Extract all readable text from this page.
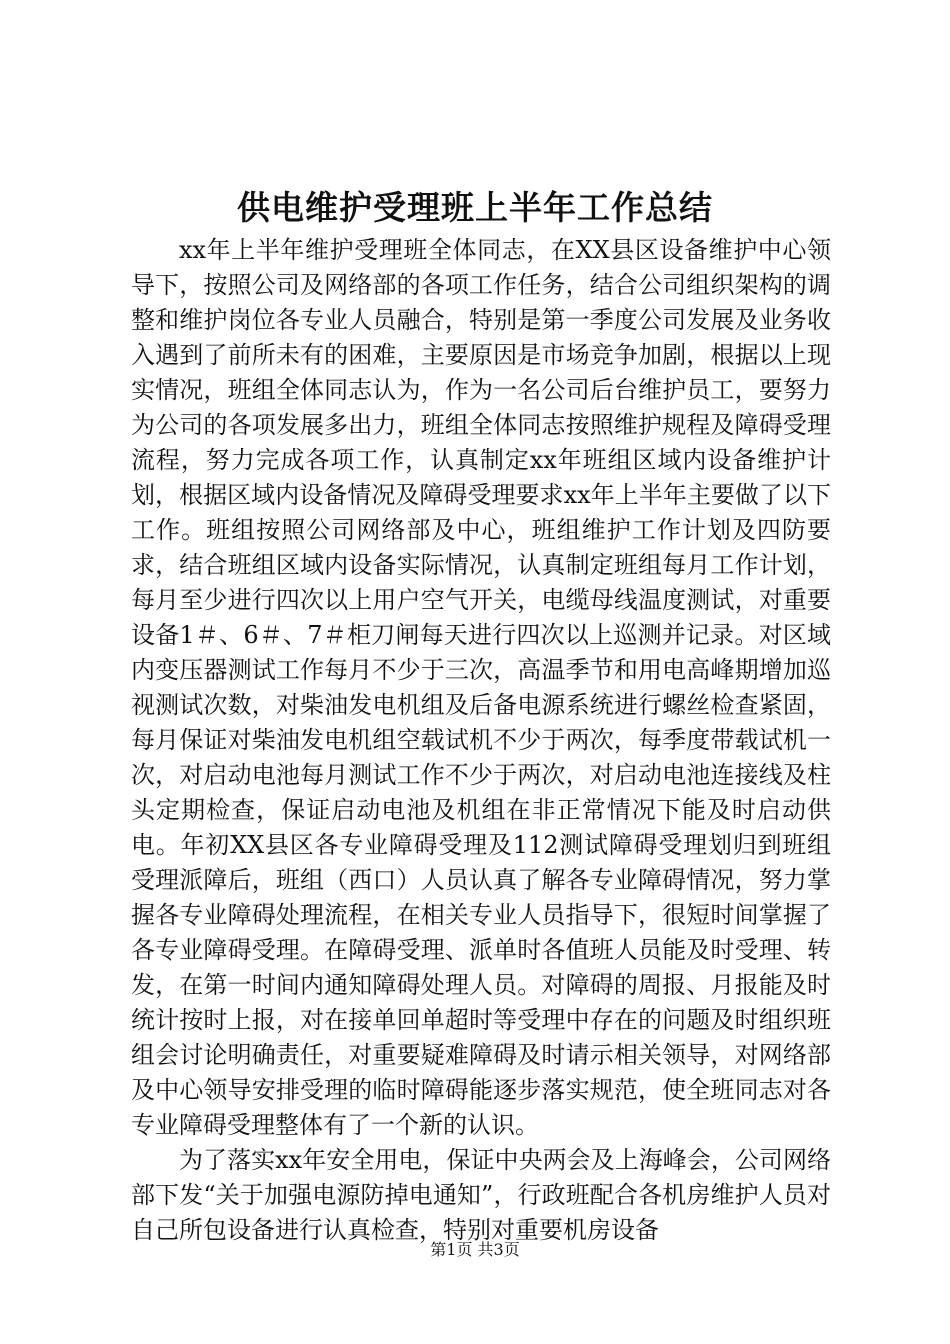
供电维护受理班上半年工作总结

xx年上半年维护受理班全体同志，在XX县区设备维护中心领导下，按照公司及网络部的各项工作任务，结合公司组织架构的调整和维护岗位各专业人员融合，特别是第一季度公司发展及业务收入遇到了前所未有的困难，主要原因是市场竞争加剧，根据以上现实情况，班组全体同志认为，作为一名公司后台维护员工，要努力为公司的各项发展多出力，班组全体同志按照维护规程及障碍受理流程，努力完成各项工作，认真制定xx年班组区域内设备维护计划，根据区域内设备情况及障碍受理要求xx年上半年主要做了以下工作。班组按照公司网络部及中心，班组维护工作计划及四防要求，结合班组区域内设备实际情况，认真制定班组每月工作计划，每月至少进行四次以上用户空气开关，电缆母线温度测试，对重要设备1＃、6＃、7＃柜刀闸每天进行四次以上巡测并记录。对区域内变压器测试工作每月不少于三次，高温季节和用电高峰期增加巡视测试次数，对柴油发电机组及后备电源系统进行螺丝检查紧固，每月保证对柴油发电机组空载试机不少于两次，每季度带载试机一次，对启动电池每月测试工作不少于两次，对启动电池连接线及柱头定期检查，保证启动电池及机组在非正常情况下能及时启动供电。年初XX县区各专业障碍受理及112测试障碍受理划归到班组受理派障后，班组（西口）人员认真了解各专业障碍情况，努力掌握各专业障碍处理流程，在相关专业人员指导下，很短时间掌握了各专业障碍受理。在障碍受理、派单时各值班人员能及时受理、转发，在第一时间内通知障碍处理人员。对障碍的周报、月报能及时统计按时上报，对在接单回单超时等受理中存在的问题及时组织班组会讨论明确责任，对重要疑难障碍及时请示相关领导，对网络部及中心领导安排受理的临时障碍能逐步落实规范，使全班同志对各专业障碍受理整体有了一个新的认识。

为了落实xx年安全用电，保证中央两会及上海峰会，公司网络部下发“关于加强电源防掉电通知”，行政班配合各机房维护人员对自己所包设备进行认真检查，特别对重要机房设备

第1页 共3页
